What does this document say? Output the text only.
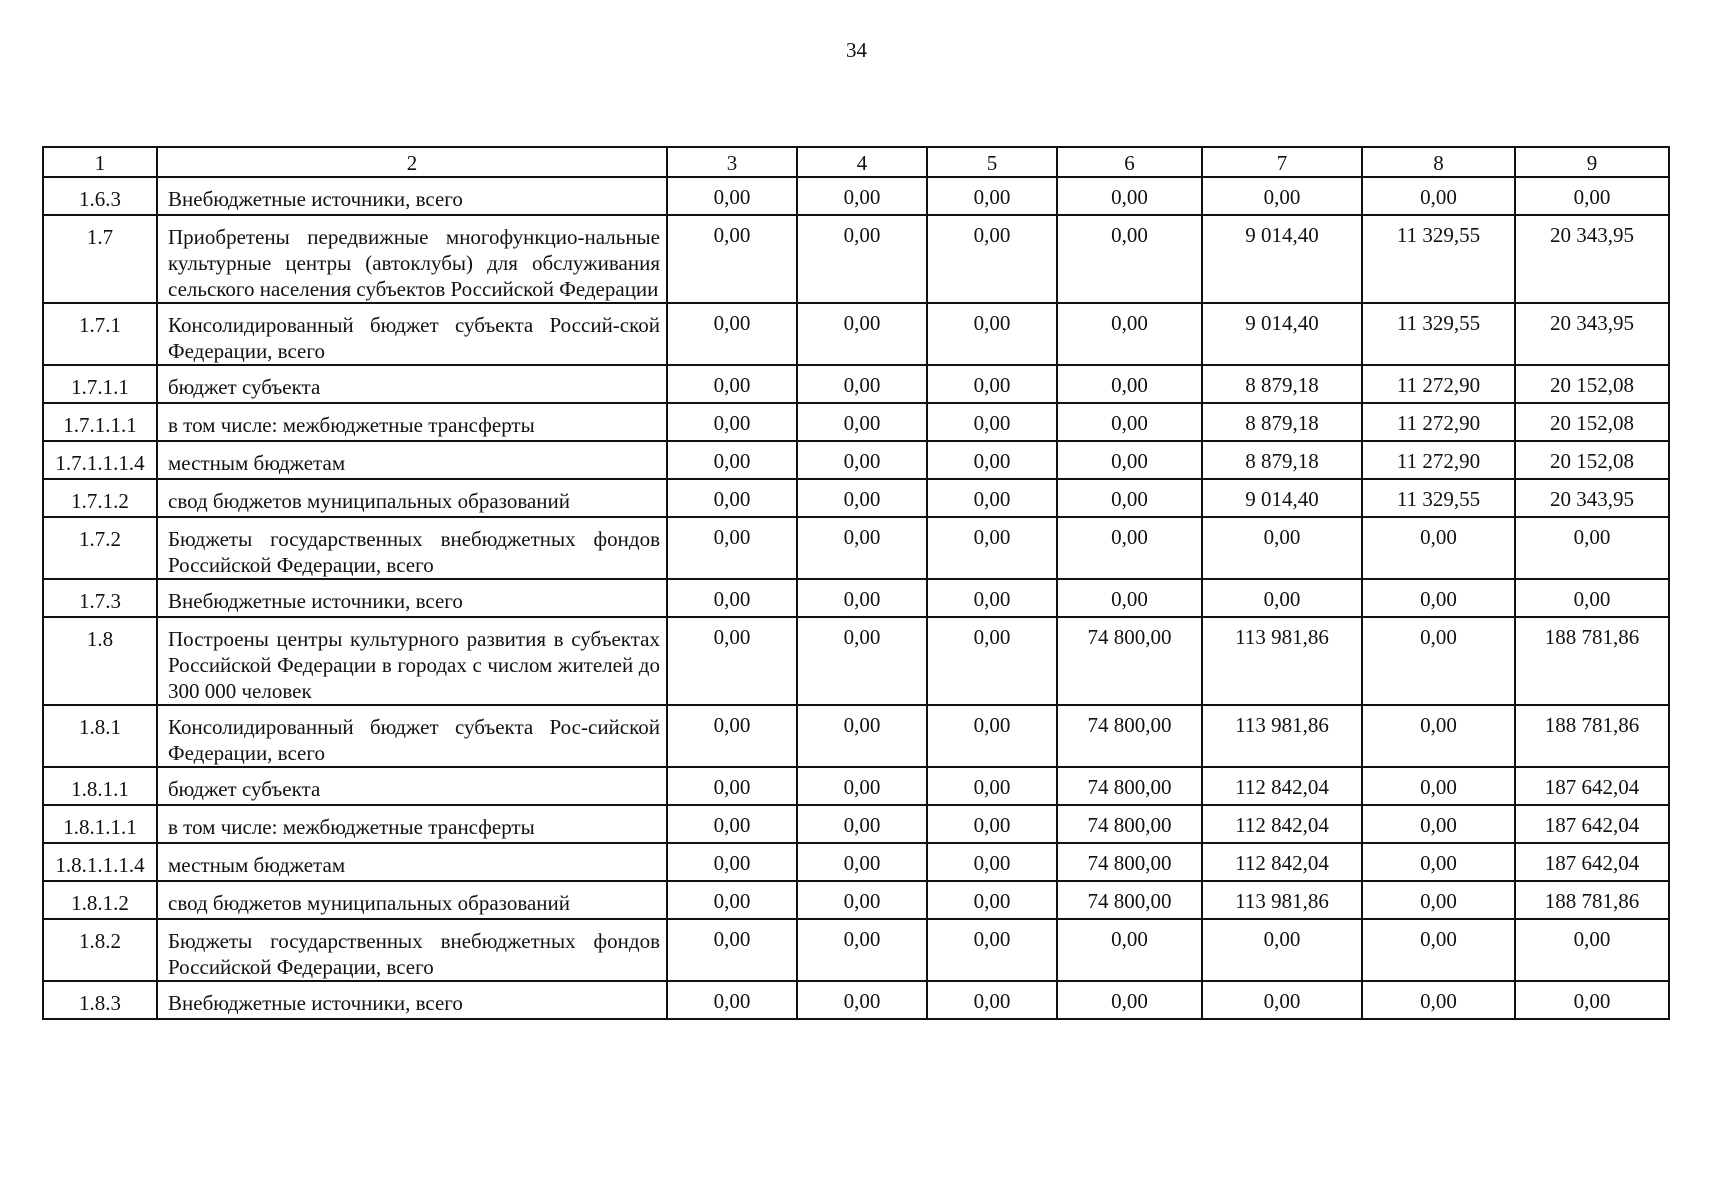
34
1	2	3	4	5	6	7	8	9
1.6.3	Внебюджетные источники, всего	0,00	0,00	0,00	0,00	0,00	0,00	0,00
1.7	Приобретены передвижные многофункцио-нальные культурные центры (автоклубы) для обслуживания сельского населения субъектов Российской Федерации	0,00	0,00	0,00	0,00	9 014,40	11 329,55	20 343,95
1.7.1	Консолидированный бюджет субъекта Россий-ской Федерации, всего	0,00	0,00	0,00	0,00	9 014,40	11 329,55	20 343,95
1.7.1.1	бюджет субъекта	0,00	0,00	0,00	0,00	8 879,18	11 272,90	20 152,08
1.7.1.1.1	в том числе: межбюджетные трансферты	0,00	0,00	0,00	0,00	8 879,18	11 272,90	20 152,08
1.7.1.1.1.4	местным бюджетам	0,00	0,00	0,00	0,00	8 879,18	11 272,90	20 152,08
1.7.1.2	свод бюджетов муниципальных образований	0,00	0,00	0,00	0,00	9 014,40	11 329,55	20 343,95
1.7.2	Бюджеты государственных внебюджетных фондов Российской Федерации, всего	0,00	0,00	0,00	0,00	0,00	0,00	0,00
1.7.3	Внебюджетные источники, всего	0,00	0,00	0,00	0,00	0,00	0,00	0,00
1.8	Построены центры культурного развития в субъектах Российской Федерации в городах с числом жителей до 300 000 человек	0,00	0,00	0,00	74 800,00	113 981,86	0,00	188 781,86
1.8.1	Консолидированный бюджет субъекта Рос-сийской Федерации, всего	0,00	0,00	0,00	74 800,00	113 981,86	0,00	188 781,86
1.8.1.1	бюджет субъекта	0,00	0,00	0,00	74 800,00	112 842,04	0,00	187 642,04
1.8.1.1.1	в том числе: межбюджетные трансферты	0,00	0,00	0,00	74 800,00	112 842,04	0,00	187 642,04
1.8.1.1.1.4	местным бюджетам	0,00	0,00	0,00	74 800,00	112 842,04	0,00	187 642,04
1.8.1.2	свод бюджетов муниципальных образований	0,00	0,00	0,00	74 800,00	113 981,86	0,00	188 781,86
1.8.2	Бюджеты государственных внебюджетных фондов Российской Федерации, всего	0,00	0,00	0,00	0,00	0,00	0,00	0,00
1.8.3	Внебюджетные источники, всего	0,00	0,00	0,00	0,00	0,00	0,00	0,00
